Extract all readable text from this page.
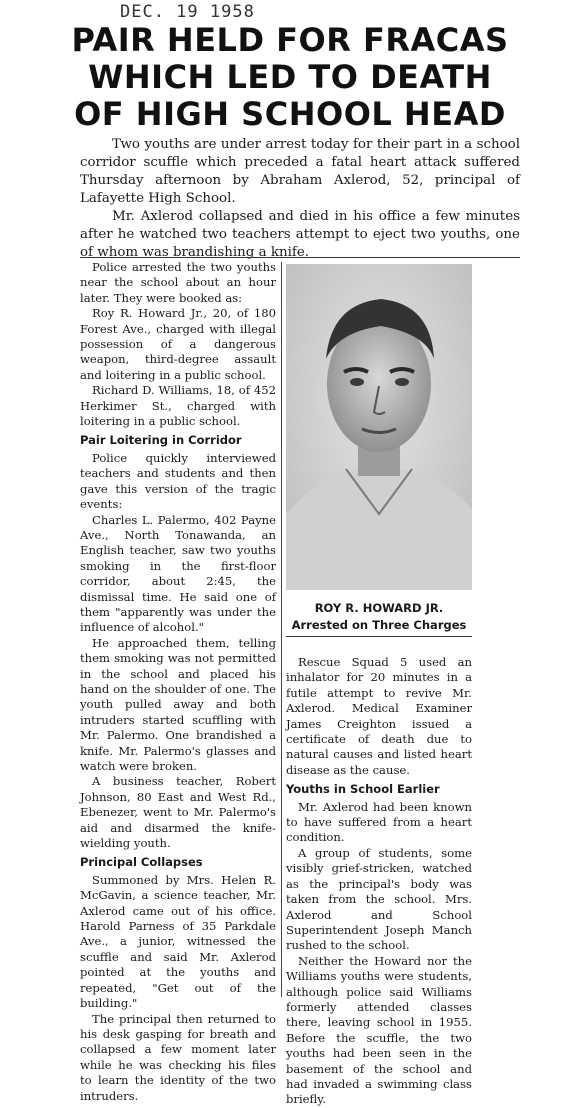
DEC. 19 1958
PAIR HELD FOR FRACAS
WHICH LED TO DEATH
OF HIGH SCHOOL HEAD

Two youths are under arrest today for their part in a school corridor scuffle which preceded a fatal heart attack suffered Thursday afternoon by Abraham Axlerod, 52, principal of Lafayette High School.

Mr. Axlerod collapsed and died in his office a few minutes after he watched two teachers attempt to eject two youths, one of whom was brandishing a knife.

Police arrested the two youths near the school about an hour later. They were booked as:

Roy R. Howard Jr., 20, of 180 Forest Ave., charged with illegal possession of a dangerous weapon, third-degree assault and loitering in a public school.

Richard D. Williams, 18, of 452 Herkimer St., charged with loitering in a public school.

Pair Loitering in Corridor

Police quickly interviewed teachers and students and then gave this version of the tragic events:

Charles L. Palermo, 402 Payne Ave., North Tonawanda, an English teacher, saw two youths smoking in the first-floor corridor, about 2:45, the dismissal time. He said one of them "apparently was under the influence of alcohol."

He approached them, telling them smoking was not permitted in the school and placed his hand on the shoulder of one. The youth pulled away and both intruders started scuffling with Mr. Palermo. One brandished a knife. Mr. Palermo's glasses and watch were broken.

A business teacher, Robert Johnson, 80 East and West Rd., Ebenezer, went to Mr. Palermo's aid and disarmed the knife-wielding youth.

Principal Collapses

Summoned by Mrs. Helen R. McGavin, a science teacher, Mr. Axlerod came out of his office. Harold Parness of 35 Parkdale Ave., a junior, witnessed the scuffle and said Mr. Axlerod pointed at the youths and repeated, "Get out of the building."

The principal then returned to his desk gasping for breath and collapsed a few moment later while he was checking his files to learn the identity of the two intruders.

ROY R. HOWARD JR.
Arrested on Three Charges

Rescue Squad 5 used an inhalator for 20 minutes in a futile attempt to revive Mr. Axlerod. Medical Examiner James Creighton issued a certificate of death due to natural causes and listed heart disease as the cause.

Youths in School Earlier

Mr. Axlerod had been known to have suffered from a heart condition.

A group of students, some visibly grief-stricken, watched as the principal's body was taken from the school. Mrs. Axlerod and School Superintendent Joseph Manch rushed to the school.

Neither the Howard nor the Williams youths were students, although police said Williams formerly attended classes there, leaving school in 1955. Before the scuffle, the two youths had been seen in the basement of the school and had invaded a swimming class briefly.
